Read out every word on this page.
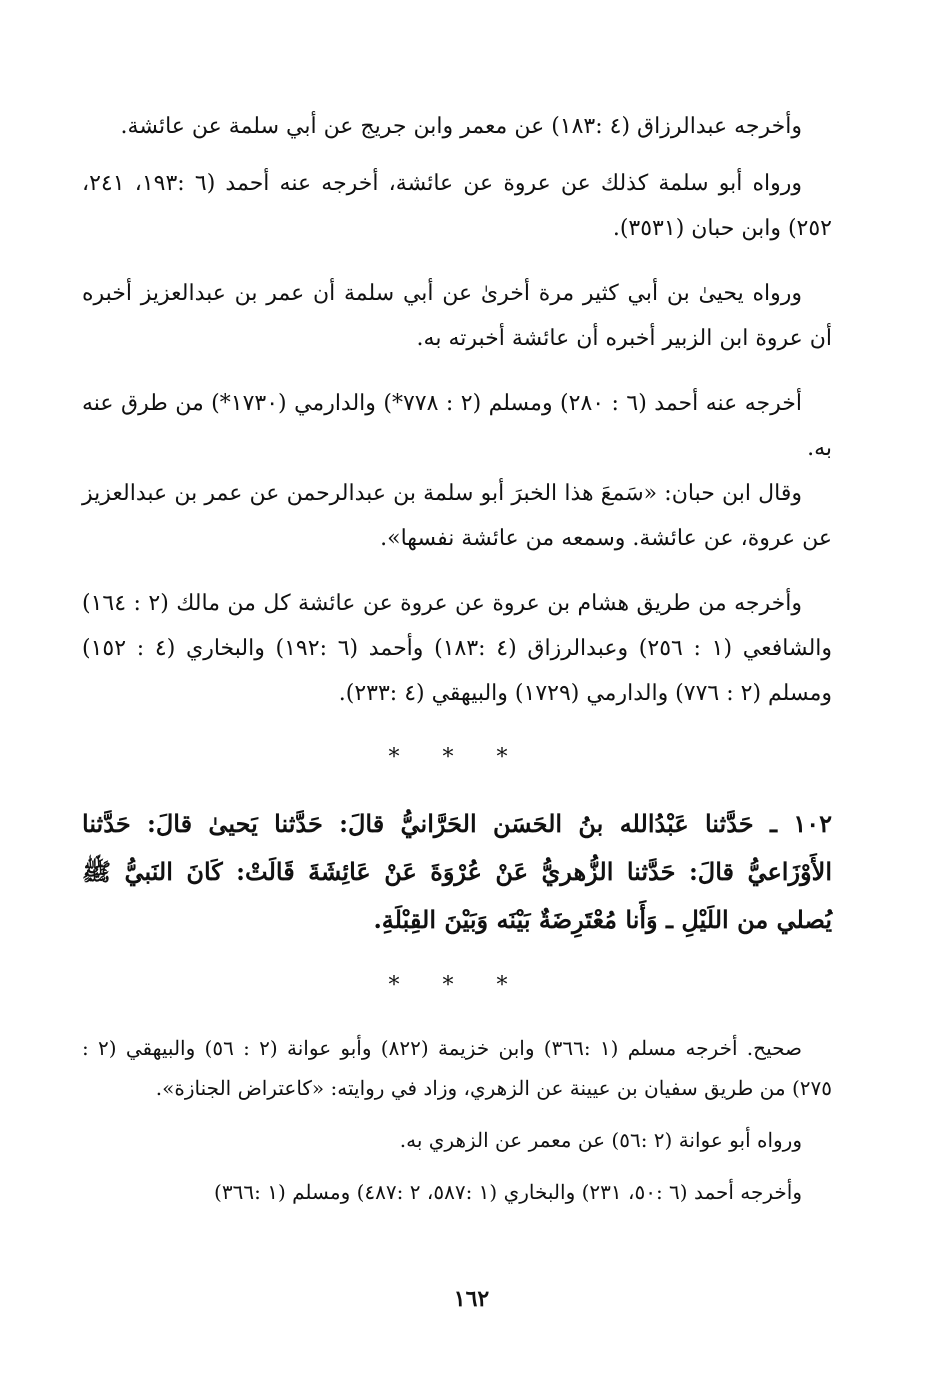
وأخرجه عبدالرزاق (٤ :١٨٣) عن معمر وابن جريج عن أبي سلمة عن عائشة.

ورواه أبو سلمة كذلك عن عروة عن عائشة، أخرجه عنه أحمد (٦ :١٩٣، ٢٤١، ٢٥٢) وابن حبان (٣٥٣١).

ورواه يحيىٰ بن أبي كثير مرة أخرىٰ عن أبي سلمة أن عمر بن عبدالعزيز أخبره أن عروة ابن الزبير أخبره أن عائشة أخبرته به.

أخرجه عنه أحمد (٦ : ٢٨٠) ومسلم (٢ : ٧٧٨*) والدارمي (١٧٣٠*) من طرق عنه به.

وقال ابن حبان: «سَمعَ هذا الخبرَ أبو سلمة بن عبدالرحمن عن عمر بن عبدالعزيز عن عروة، عن عائشة. وسمعه من عائشة نفسها».

وأخرجه من طريق هشام بن عروة عن عروة عن عائشة كل من مالك (٢ : ١٦٤) والشافعي (١ : ٢٥٦) وعبدالرزاق (٤ :١٨٣) وأحمد (٦ :١٩٢) والبخاري (٤ : ١٥٢) ومسلم (٢ : ٧٧٦) والدارمي (١٧٢٩) والبيهقي (٤ :٢٣٣).

* * *

١٠٢ ـ حَدَّثنا عَبْدُالله بنُ الحَسَن الحَرَّانيُّ قالَ: حَدَّثنا يَحيىٰ قالَ: حَدَّثنا الأَوْزَاعيُّ قالَ: حَدَّثنا الزُّهريُّ عَنْ عُرْوَةَ عَنْ عَائِشَةَ قَالَتْ: كَانَ النَبيُّ ﷺ يُصلي من اللَيْلِ ـ وَأَنا مُعْتَرِضَةٌ بَيْنَه وَبَيْنَ القِبْلَةِ.

* * *

صحيح. أخرجه مسلم (١ :٣٦٦) وابن خزيمة (٨٢٢) وأبو عوانة (٢ : ٥٦) والبيهقي (٢ : ٢٧٥) من طريق سفيان بن عيينة عن الزهري، وزاد في روايته: «كاعتراض الجنازة».

ورواه أبو عوانة (٢ :٥٦) عن معمر عن الزهري به.

وأخرجه أحمد (٦ :٥٠، ٢٣١) والبخاري (١ :٥٨٧، ٢ :٤٨٧) ومسلم (١ :٣٦٦)

١٦٢
